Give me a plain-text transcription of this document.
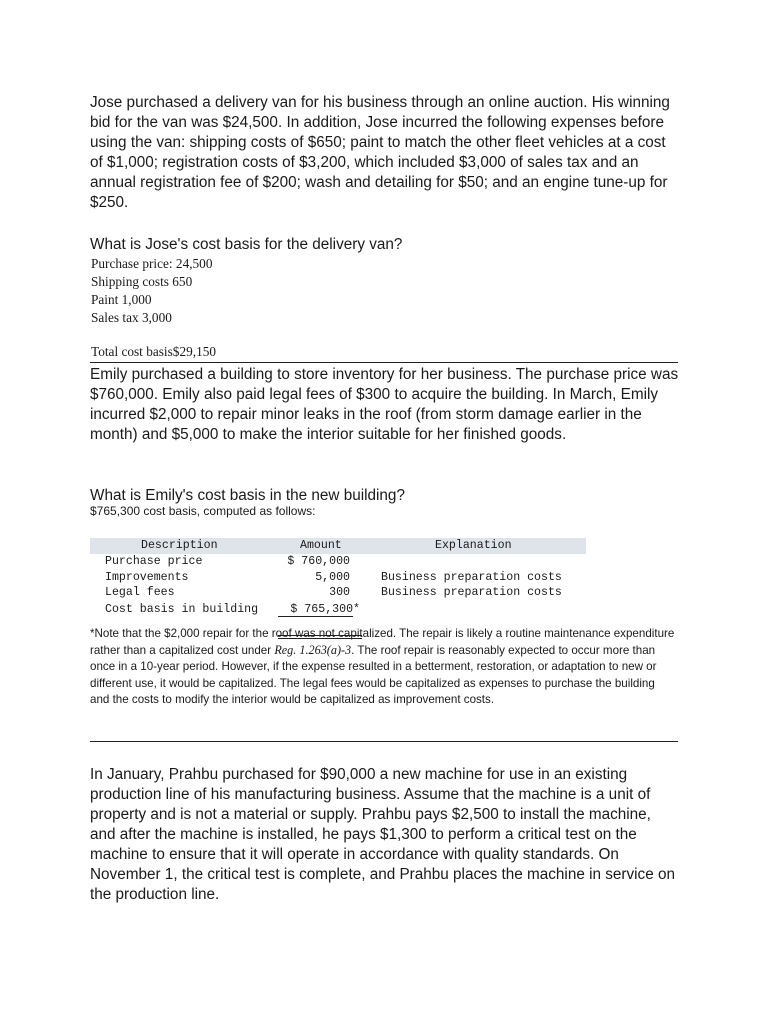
Jose purchased a delivery van for his business through an online auction. His winning bid for the van was $24,500. In addition, Jose incurred the following expenses before using the van: shipping costs of $650; paint to match the other fleet vehicles at a cost of $1,000; registration costs of $3,200, which included $3,000 of sales tax and an annual registration fee of $200; wash and detailing for $50; and an engine tune-up for $250.

What is Jose's cost basis for the delivery van?

Purchase price: 24,500

Shipping costs 650

Paint 1,000

Sales tax 3,000

Total cost basis$29,150

Emily purchased a building to store inventory for her business. The purchase price was $760,000. Emily also paid legal fees of $300 to acquire the building. In March, Emily incurred $2,000 to repair minor leaks in the roof (from storm damage earlier in the month) and $5,000 to make the interior suitable for her finished goods.

What is Emily's cost basis in the new building?

$765,300 cost basis, computed as follows:

Description	Amount	Explanation
Purchase price	$ 760,000
Improvements	5,000	Business preparation costs
Legal fees	300	Business preparation costs
Cost basis in building	$ 765,300*

*Note that the $2,000 repair for the roof was not capitalized. The repair is likely a routine maintenance expenditure rather than a capitalized cost under Reg. 1.263(a)-3. The roof repair is reasonably expected to occur more than once in a 10-year period. However, if the expense resulted in a betterment, restoration, or adaptation to new or different use, it would be capitalized. The legal fees would be capitalized as expenses to purchase the building and the costs to modify the interior would be capitalized as improvement costs.

In January, Prahbu purchased for $90,000 a new machine for use in an existing production line of his manufacturing business. Assume that the machine is a unit of property and is not a material or supply. Prahbu pays $2,500 to install the machine, and after the machine is installed, he pays $1,300 to perform a critical test on the machine to ensure that it will operate in accordance with quality standards. On November 1, the critical test is complete, and Prahbu places the machine in service on the production line.
